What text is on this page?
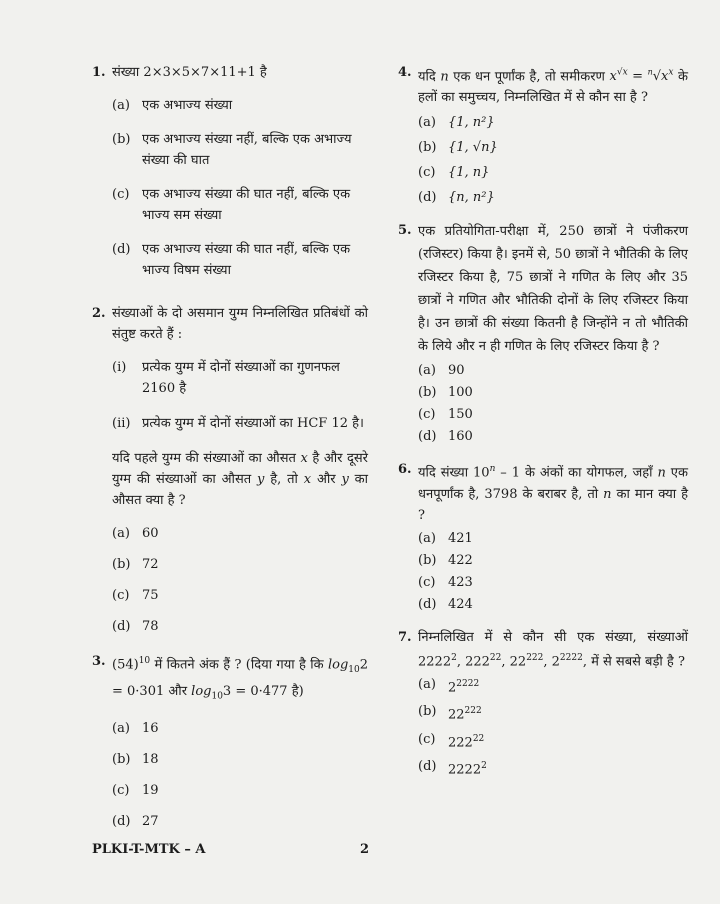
1. संख्या 2×3×5×7×11+1 है
(a) एक अभाज्य संख्या
(b) एक अभाज्य संख्या नहीं, बल्कि एक अभाज्य संख्या की घात
(c) एक अभाज्य संख्या की घात नहीं, बल्कि एक भाज्य सम संख्या
(d) एक अभाज्य संख्या की घात नहीं, बल्कि एक भाज्य विषम संख्या
2. संख्याओं के दो असमान युग्म निम्नलिखित प्रतिबंधों को संतुष्ट करते हैं :
(i) प्रत्येक युग्म में दोनों संख्याओं का गुणनफल 2160 है
(ii) प्रत्येक युग्म में दोनों संख्याओं का HCF 12 है।
यदि पहले युग्म की संख्याओं का औसत x है और दूसरे युग्म की संख्याओं का औसत y है, तो x और y का औसत क्या है ?
(a) 60
(b) 72
(c) 75
(d) 78
3. $(54)^{10}$ में कितने अंक हैं ? (दिया गया है कि $\log_{10}2 = 0\cdot 301$ और $\log_{10}3 = 0\cdot 477$ है)
(a) 16
(b) 18
(c) 19
(d) 27
4. यदि n एक धन पूर्णांक है, तो समीकरण $x^{√x} = ^n√x^x$ के हलों का समुच्चय, निम्नलिखित में से कौन सा है ?
(a) {1, n²}
(b) {1, √n}
(c) {1, n}
(d) {n, n²}
5. एक प्रतियोगिता-परीक्षा में, 250 छात्रों ने पंजीकरण (रजिस्टर) किया है। इनमें से, 50 छात्रों ने भौतिकी के लिए रजिस्टर किया है, 75 छात्रों ने गणित के लिए और 35 छात्रों ने गणित और भौतिकी दोनों के लिए रजिस्टर किया है। उन छात्रों की संख्या कितनी है जिन्होंने न तो भौतिकी के लिये और न ही गणित के लिए रजिस्टर किया है ?
(a) 90
(b) 100
(c) 150
(d) 160
6. यदि संख्या 10$^n$ – 1 के अंकों का योगफल, जहाँ n एक धनपूर्णांक है, 3798 के बराबर है, तो n का मान क्या है ?
(a) 421
(b) 422
(c) 423
(d) 424
7. निम्नलिखित में से कौन सी एक संख्या, संख्याओं 2222$^2$, $222^{22}$, $22^{222}$, $2^{2222}$, में से सबसे बड़ी है ?
(a) $2^{2222}$
(b) $22^{222}$
(c) $222^{22}$
(d) 2222$^2$
PLKI-T-MTK – A	2
